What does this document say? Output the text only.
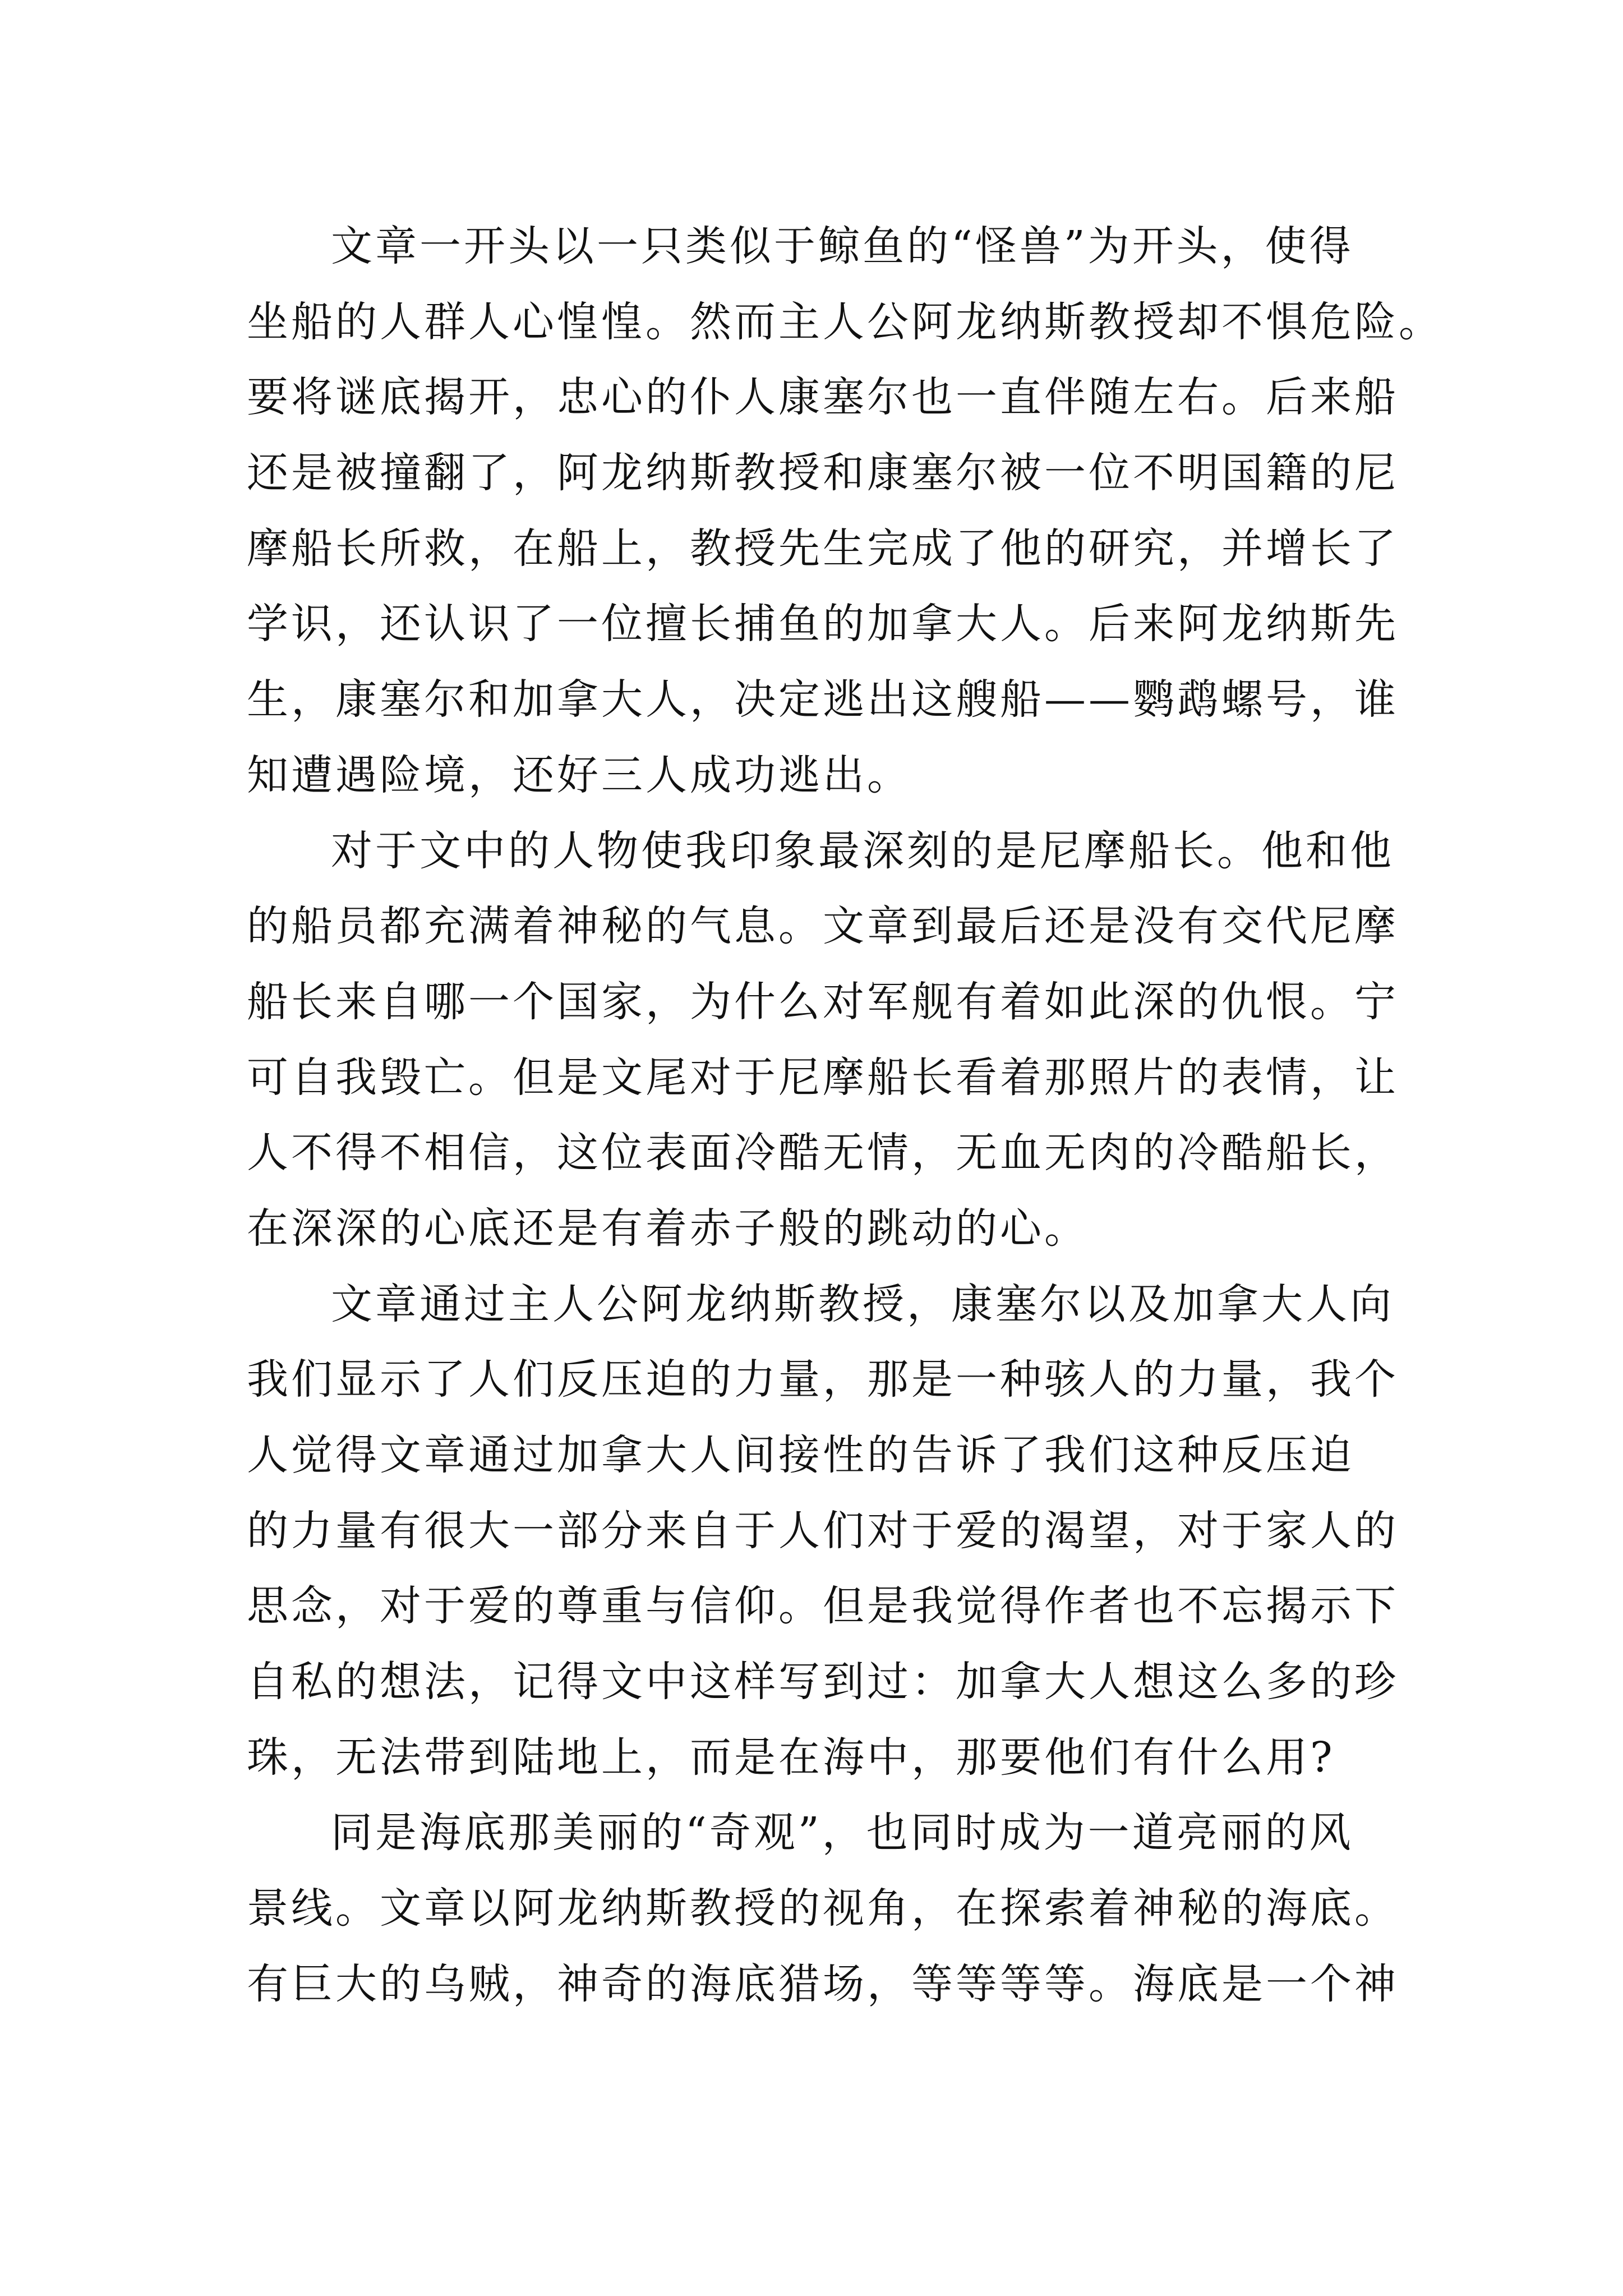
文章一开头以一只类似于鲸鱼的“怪兽”为开头，使得
坐船的人群人心惶惶。然而主人公阿龙纳斯教授却不惧危险。
要将谜底揭开，忠心的仆人康塞尔也一直伴随左右。后来船
还是被撞翻了，阿龙纳斯教授和康塞尔被一位不明国籍的尼
摩船长所救，在船上，教授先生完成了他的研究，并增长了
学识，还认识了一位擅长捕鱼的加拿大人。后来阿龙纳斯先
生，康塞尔和加拿大人，决定逃出这艘船——鹦鹉螺号，谁
知遭遇险境，还好三人成功逃出。
对于文中的人物使我印象最深刻的是尼摩船长。他和他
的船员都充满着神秘的气息。文章到最后还是没有交代尼摩
船长来自哪一个国家，为什么对军舰有着如此深的仇恨。宁
可自我毁亡。但是文尾对于尼摩船长看着那照片的表情，让
人不得不相信，这位表面冷酷无情，无血无肉的冷酷船长，
在深深的心底还是有着赤子般的跳动的心。
文章通过主人公阿龙纳斯教授，康塞尔以及加拿大人向
我们显示了人们反压迫的力量，那是一种骇人的力量，我个
人觉得文章通过加拿大人间接性的告诉了我们这种反压迫
的力量有很大一部分来自于人们对于爱的渴望，对于家人的
思念，对于爱的尊重与信仰。但是我觉得作者也不忘揭示下
自私的想法，记得文中这样写到过：加拿大人想这么多的珍
珠，无法带到陆地上，而是在海中，那要他们有什么用?
同是海底那美丽的“奇观”，也同时成为一道亮丽的风
景线。文章以阿龙纳斯教授的视角，在探索着神秘的海底。
有巨大的乌贼，神奇的海底猎场，等等等等。海底是一个神
